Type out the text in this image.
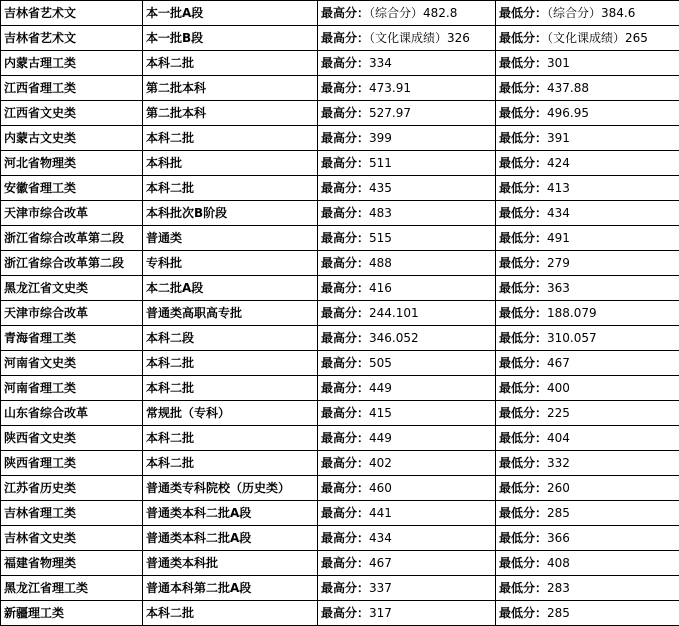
吉林省艺术文	本一批A段	最高分：（综合分）482.8	最低分：（综合分）384.6
吉林省艺术文	本一批B段	最高分：（文化课成绩）326	最低分：（文化课成绩）265
内蒙古理工类	本科二批	最高分：334	最低分：301
江西省理工类	第二批本科	最高分：473.91	最低分：437.88
江西省文史类	第二批本科	最高分：527.97	最低分：496.95
内蒙古文史类	本科二批	最高分：399	最低分：391
河北省物理类	本科批	最高分：511	最低分：424
安徽省理工类	本科二批	最高分：435	最低分：413
天津市综合改革	本科批次B阶段	最高分：483	最低分：434
浙江省综合改革第二段	普通类	最高分：515	最低分：491
浙江省综合改革第二段	专科批	最高分：488	最低分：279
黑龙江省文史类	本二批A段	最高分：416	最低分：363
天津市综合改革	普通类高职高专批	最高分：244.101	最低分：188.079
青海省理工类	本科二段	最高分：346.052	最低分：310.057
河南省文史类	本科二批	最高分：505	最低分：467
河南省理工类	本科二批	最高分：449	最低分：400
山东省综合改革	常规批（专科）	最高分：415	最低分：225
陕西省文史类	本科二批	最高分：449	最低分：404
陕西省理工类	本科二批	最高分：402	最低分：332
江苏省历史类	普通类专科院校（历史类）	最高分：460	最低分：260
吉林省理工类	普通类本科二批A段	最高分：441	最低分：285
吉林省文史类	普通类本科二批A段	最高分：434	最低分：366
福建省物理类	普通类本科批	最高分：467	最低分：408
黑龙江省理工类	普通本科第二批A段	最高分：337	最低分：283
新疆理工类	本科二批	最高分：317	最低分：285
